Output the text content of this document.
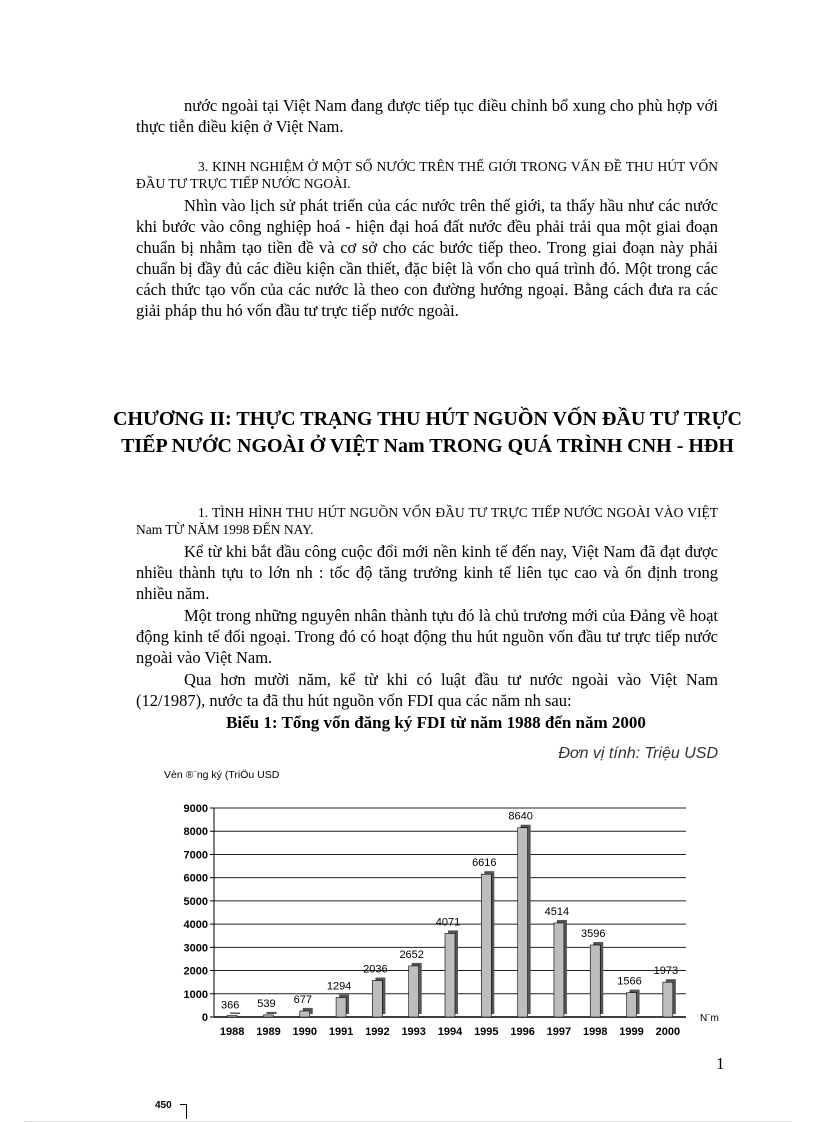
nước ngoài tại Việt Nam đang được tiếp tục điều chỉnh bổ xung cho phù hợp với thực tiễn điều kiện ở Việt Nam.

3. KINH NGHIỆM Ở MỘT SỐ NƯỚC TRÊN THẾ GIỚI TRONG VẤN ĐỀ THU HÚT VỐN ĐẦU TƯ TRỰC TIẾP NƯỚC NGOÀI.

Nhìn vào lịch sử phát triển của các nước trên thế giới, ta thấy hầu như các nước khi bước vào công nghiệp hoá - hiện đại hoá đất nước đều phải trải qua một giai đoạn chuẩn bị nhằm tạo tiền đề và cơ sở cho các bước tiếp theo. Trong giai đoạn này phải chuẩn bị đầy đủ các điều kiện cần thiết, đặc biệt là vốn cho quá trình đó. Một trong các cách thức tạo vốn của các nước là theo con đường hướng ngoại. Bằng cách đưa ra các giải pháp thu hó vốn đầu tư trực tiếp nước ngoài.

CHƯƠNG II: THỰC TRẠNG THU HÚT NGUỒN VỐN ĐẦU TƯ TRỰC TIẾP NƯỚC NGOÀI Ở VIỆT Nam TRONG QUÁ TRÌNH CNH - HĐH

1. TÌNH HÌNH THU HÚT NGUỒN VỐN ĐẦU TƯ TRỰC TIẾP NƯỚC NGOÀI VÀO VIỆT Nam TỪ NĂM 1998 ĐẾN NAY.

Kể từ khi bắt đầu công cuộc đổi mới nền kinh tế đến nay, Việt Nam đã đạt được nhiều thành tựu to lớn nh : tốc độ tăng trưởng kinh tế liên tục cao và ổn định trong nhiều năm.

Một trong những nguyên nhân thành tựu đó là chủ trương mới của Đảng về hoạt động kinh tế đối ngoại. Trong đó có hoạt động thu hút nguồn vốn đầu tư trực tiếp nước ngoài vào Việt Nam.

Qua hơn mười năm, kể từ khi có luật đầu tư nước ngoài vào Việt Nam (12/1987), nước ta đã thu hút nguồn vốn FDI qua các năm nh sau:

Biểu 1: Tổng vốn đăng ký FDI từ năm 1988 đến năm 2000
Đơn vị tính: Triệu USD
Vèn ®¨ng ký (TriÖu USD
0
1000
2000
3000
4000
5000
6000
7000
8000
9000
366 539 677
1294
2036
2652
4071
6616
8640
4514
3596
1566
1973
1988 1989 1990 1991 1992 1993 1994 1995 1996 1997 1998 1999 2000
N¨m
1
450
